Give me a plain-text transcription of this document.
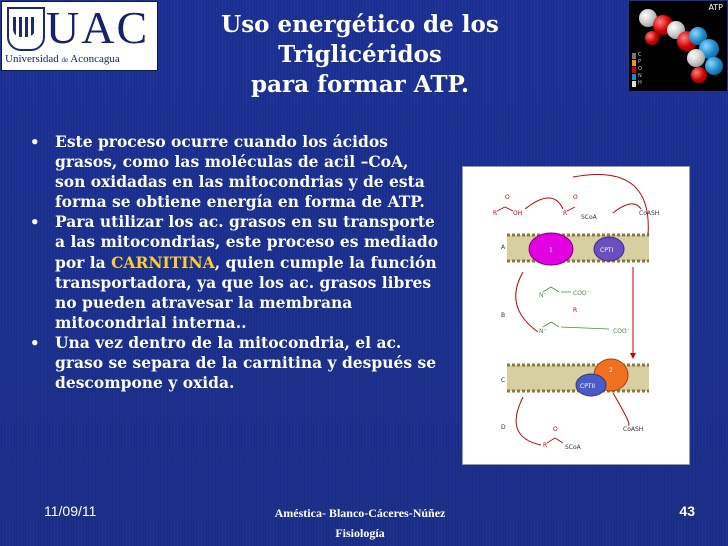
UAC
Universidad de Aconcagua
Uso energético de los
Triglicéridos
para formar ATP.
ATP
C
P
O
N
H
• Este proceso ocurre cuando los ácidos grasos, como las moléculas de acil –CoA, son oxidadas en las mitocondrias y de esta forma se obtiene energía en forma de ATP.
• Para utilizar los ac. grasos en su transporte a las mitocondrias, este proceso es mediado por la CARNITINA, quien cumple la función transportadora, ya que los ac. grasos libres no pueden atravesar la membrana mitocondrial interna..
• Una vez dentro de la mitocondria, el ac. graso se separa de la carnitina y después se descompone y oxida.
R
O
OH	R
O
SCoA
CoASH
A
B
C
D
1	CPTI
N⁺	COO⁻
R
N⁺	COO⁻
2
CPTII
R
O
SCoA
CoASH
11/09/11	Améstica- Blanco-Cáceres-Núñez
Fisiología
43
